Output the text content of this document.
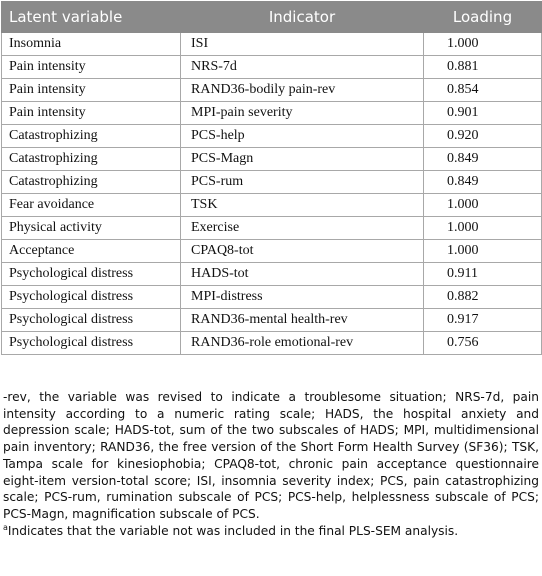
Latent variable	Indicator	Loading
Insomnia	ISI	1.000
Pain intensity	NRS-7d	0.881
Pain intensity	RAND36-bodily pain-rev	0.854
Pain intensity	MPI-pain severity	0.901
Catastrophizing	PCS-help	0.920
Catastrophizing	PCS-Magn	0.849
Catastrophizing	PCS-rum	0.849
Fear avoidance	TSK	1.000
Physical activity	Exercise	1.000
Acceptance	CPAQ8-tot	1.000
Psychological distress	HADS-tot	0.911
Psychological distress	MPI-distress	0.882
Psychological distress	RAND36-mental health-rev	0.917
Psychological distress	RAND36-role emotional-rev	0.756

-rev, the variable was revised to indicate a troublesome situation; NRS-7d, pain intensity according to a numeric rating scale; HADS, the hospital anxiety and depression scale; HADS-tot, sum of the two subscales of HADS; MPI, multidimensional pain inventory; RAND36, the free version of the Short Form Health Survey (SF36); TSK, Tampa scale for kinesiophobia; CPAQ8-tot, chronic pain acceptance questionnaire eight-item version-total score; ISI, insomnia severity index; PCS, pain catastrophizing scale; PCS-rum, rumination subscale of PCS; PCS-help, helplessness subscale of PCS; PCS-Magn, magnification subscale of PCS.

$^a$Indicates that the variable not was included in the final PLS-SEM analysis.
